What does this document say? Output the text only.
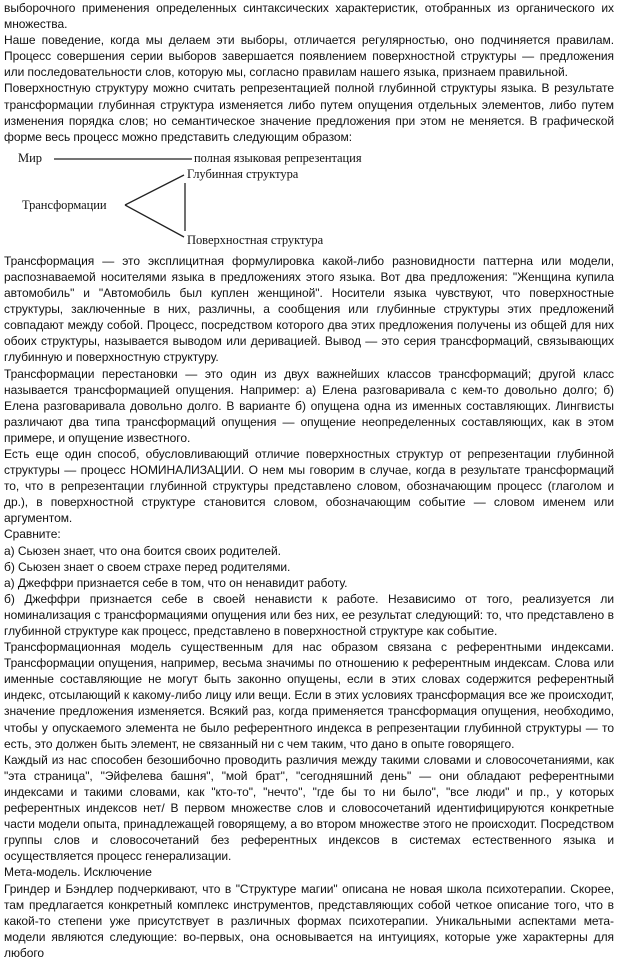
выборочного применения определенных синтаксических характеристик, отобранных из органического их множества.

Наше поведение, когда мы делаем эти выборы, отличается регулярностью, оно подчиняется правилам. Процесс совершения серии выборов завершается появлением поверхностной структуры — предложения или последовательности слов, которую мы, согласно правилам нашего языка, признаем правильной.

Поверхностную структуру можно считать репрезентацией полной глубинной структуры языка. В результате трансформации глубинная структура изменяется либо путем опущения отдельных элементов, либо путем изменения порядка слов; но семантическое значение предложения при этом не меняется. В графической форме весь процесс можно представить следующим образом:

Мир	полная языковая репрезентация
Глубинная структура
Трансформации
Поверхностная структура

Трансформация — это эксплицитная формулировка какой-либо разновидности паттерна или модели, распознаваемой носителями языка в предложениях этого языка. Вот два предложения: "Женщина купила автомобиль" и "Автомобиль был куплен женщиной". Носители языка чувствуют, что поверхностные структуры, заключенные в них, различны, а сообщения или глубинные структуры этих предложений совпадают между собой. Процесс, посредством которого два этих предложения получены из общей для них обоих структуры, называется выводом или деривацией. Вывод — это серия трансформаций, связывающих глубинную и поверхностную структуру.

Трансформации перестановки — это один из двух важнейших классов трансформаций; другой класс называется трансформацией опущения. Например: а) Елена разговаривала с кем-то довольно долго; б) Елена разговаривала довольно долго. В варианте б) опущена одна из именных составляющих. Лингвисты различают два типа трансформаций опущения — опущение неопределенных составляющих, как в этом примере, и опущение известного.

Есть еще один способ, обусловливающий отличие поверхностных структур от репрезентации глубинной структуры — процесс НОМИНАЛИЗАЦИИ. О нем мы говорим в случае, когда в результате трансформаций то, что в репрезентации глубинной структуры представлено словом, обозначающим процесс (глаголом и др.), в поверхностной структуре становится словом, обозначающим событие — словом именем или аргументом.

Сравните:

а) Сьюзен знает, что она боится своих родителей.

б) Сьюзен знает о своем страхе перед родителями.

а) Джеффри признается себе в том, что он ненавидит работу.

б) Джеффри признается себе в своей ненависти к работе. Независимо от того, реализуется ли номинализация с трансформациями опущения или без них, ее результат следующий: то, что представлено в глубинной структуре как процесс, представлено в поверхностной структуре как событие.

Трансформационная модель существенным для нас образом связана с референтными индексами. Трансформации опущения, например, весьма значимы по отношению к референтным индексам. Слова или именные составляющие не могут быть законно опущены, если в этих словах содержится референтный индекс, отсылающий к какому-либо лицу или вещи. Если в этих условиях трансформация все же происходит, значение предложения изменяется. Всякий раз, когда применяется трансформация опущения, необходимо, чтобы у опускаемого элемента не было референтного индекса в репрезентации глубинной структуры — то есть, это должен быть элемент, не связанный ни с чем таким, что дано в опыте говорящего.

Каждый из нас способен безошибочно проводить различия между такими словами и словосочетаниями, как "эта страница", "Эйфелева башня", "мой брат", "сегодняшний день" — они обладают референтными индексами и такими словами, как "кто-то", "нечто", "где бы то ни было", "все люди" и пр., у которых референтных индексов нет/ В первом множестве слов и словосочетаний идентифицируются конкретные части модели опыта, принадлежащей говорящему, а во втором множестве этого не происходит. Посредством группы слов и словосочетаний без референтных индексов в системах естественного языка и осуществляется процесс генерализации.

Мета-модель. Исключение

Гриндер и Бэндлер подчеркивают, что в "Структуре магии" описана не новая школа психотерапии. Скорее, там предлагается конкретный комплекс инструментов, представляющих собой четкое описание того, что в какой-то степени уже присутствует в различных формах психотерапии. Уникальными аспектами мета-модели являются следующие: во-первых, она основывается на интуициях, которые уже характерны для любого
